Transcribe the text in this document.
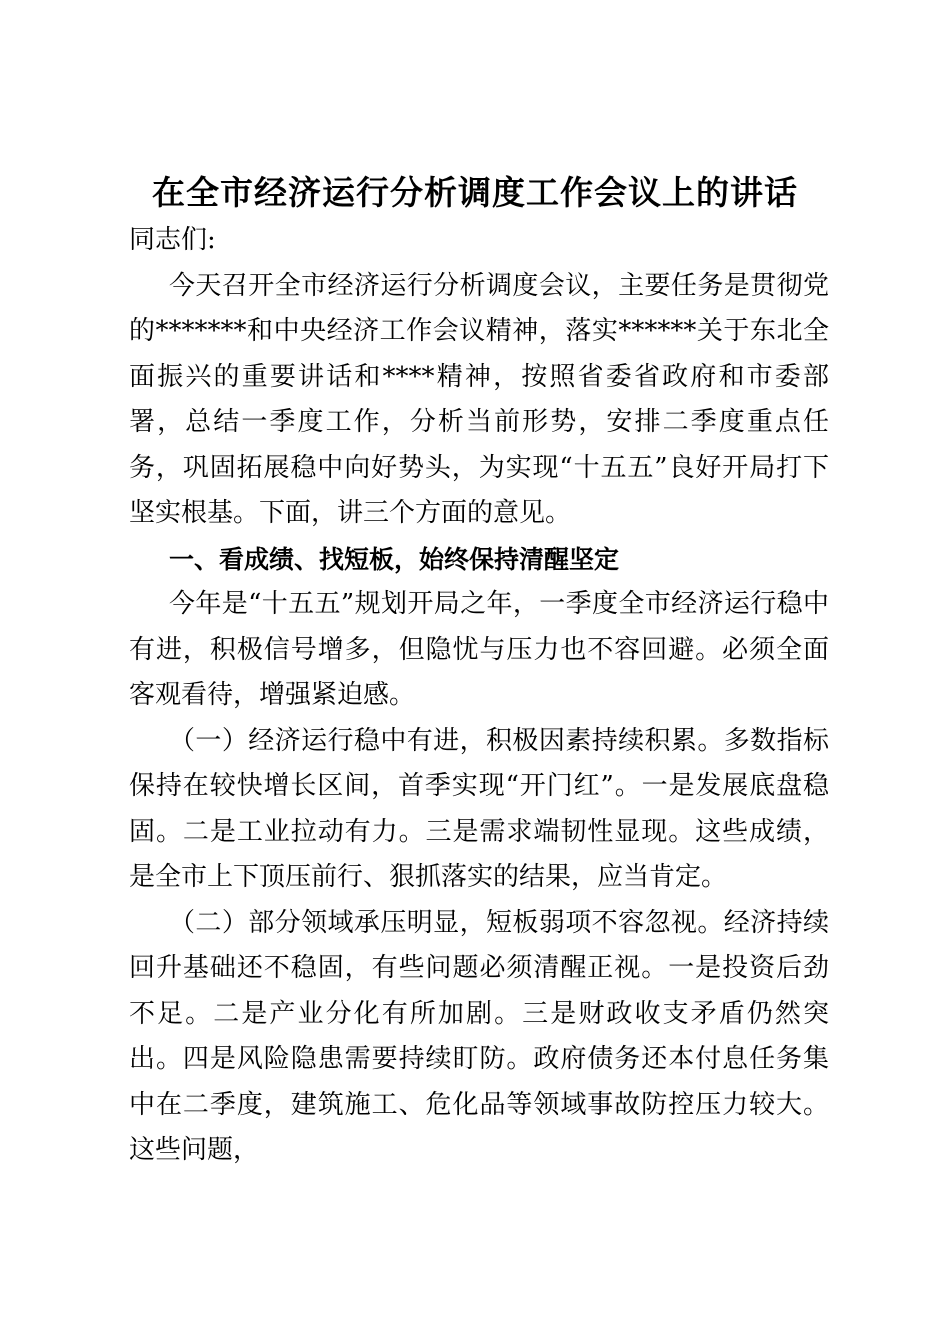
在全市经济运行分析调度工作会议上的讲话

同志们:

今天召开全市经济运行分析调度会议，主要任务是贯彻党的*******和中央经济工作会议精神，落实******关于东北全面振兴的重要讲话和****精神，按照省委省政府和市委部署，总结一季度工作，分析当前形势，安排二季度重点任务，巩固拓展稳中向好势头，为实现“十五五”良好开局打下坚实根基。下面，讲三个方面的意见。

一、看成绩、找短板，始终保持清醒坚定

今年是“十五五”规划开局之年，一季度全市经济运行稳中有进，积极信号增多，但隐忧与压力也不容回避。必须全面客观看待，增强紧迫感。

（一）经济运行稳中有进，积极因素持续积累。多数指标保持在较快增长区间，首季实现“开门红”。一是发展底盘稳固。二是工业拉动有力。三是需求端韧性显现。这些成绩，是全市上下顶压前行、狠抓落实的结果，应当肯定。

（二）部分领域承压明显，短板弱项不容忽视。经济持续回升基础还不稳固，有些问题必须清醒正视。一是投资后劲不足。二是产业分化有所加剧。三是财政收支矛盾仍然突出。四是风险隐患需要持续盯防。政府债务还本付息任务集中在二季度，建筑施工、危化品等领域事故防控压力较大。这些问题，
